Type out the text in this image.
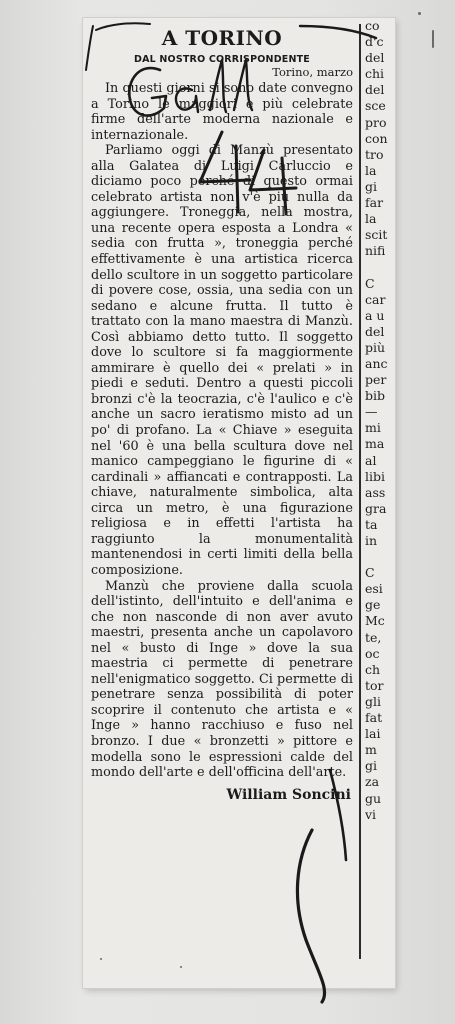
A TORINO

DAL NOSTRO CORRISPONDENTE

Torino, marzo

In questi giorni si sono date convegno a Torino le maggiori e più celebrate firme dell'arte moderna nazionale e internazionale.

Parliamo oggi di Manzù presentato alla Galatea di Luigi Carluccio e diciamo poco perché di questo ormai celebrato artista non v'è più nulla da aggiungere. Troneggia, nella mostra, una recente opera esposta a Londra « sedia con frutta », troneggia perché effettivamente è una artistica ricerca dello scultore in un soggetto particolare di povere cose, ossia, una sedia con un sedano e alcune frutta. Il tutto è trattato con la mano maestra di Manzù. Così abbiamo detto tutto. Il soggetto dove lo scultore si fa maggiormente ammirare è quello dei « prelati » in piedi e seduti. Dentro a questi piccoli bronzi c'è la teocrazia, c'è l'aulico e c'è anche un sacro ieratismo misto ad un po' di profano. La « Chiave » eseguita nel '60 è una bella scultura dove nel manico campeggiano le figurine di « cardinali » affiancati e contrapposti. La chiave, naturalmente simbolica, alta circa un metro, è una figurazione religiosa e in effetti l'artista ha raggiunto la monumentalità mantenendosi in certi limiti della bella composizione.

Manzù che proviene dalla scuola dell'istinto, dell'intuito e dell'anima e che non nasconde di non aver avuto maestri, presenta anche un capolavoro nel « busto di Inge » dove la sua maestria ci permette di penetrare nell'enigmatico soggetto. Ci permette di penetrare senza possibilità di poter scoprire il contenuto che artista e « Inge » hanno racchiuso e fuso nel bronzo. I due « bronzetti » pittore e modella sono le espressioni calde del mondo dell'arte e dell'officina dell'arte.

William Soncini
co
d'c
del
chi
del
sce
pro
con
tro
la
gi
far
la
scit
nifi
C
car
a u
del
più
anc
per
bib
—
mi
ma
al
libi
ass
gra
ta
in
C
esi
ge
Mc
te,
oc
ch
tor
gli
fat
lai
m
gi
za
gu
vi
